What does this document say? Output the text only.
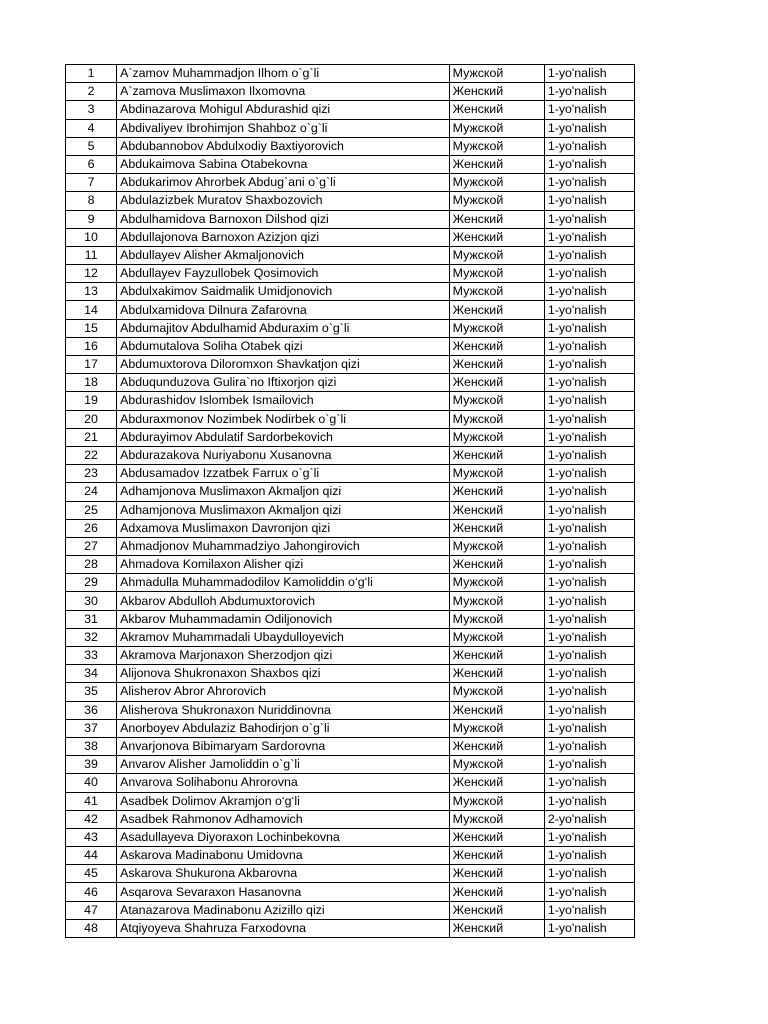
1	A`zamov Muhammadjon Ilhom o`g`li	Мужской	1-yo'nalish
2	A`zamova Muslimaxon Ilxomovna	Женский	1-yo'nalish
3	Abdinazarova Mohigul Abdurashid qizi	Женский	1-yo'nalish
4	Abdivaliyev Ibrohimjon Shahboz o`g`li	Мужской	1-yo'nalish
5	Abdubannobov Abdulxodiy Baxtiyorovich	Мужской	1-yo'nalish
6	Abdukaimova Sabina Otabekovna	Женский	1-yo'nalish
7	Abdukarimov Ahrorbek Abdug`ani o`g`li	Мужской	1-yo'nalish
8	Abdulazizbek Muratov Shaxbozovich	Мужской	1-yo'nalish
9	Abdulhamidova Barnoxon Dilshod qizi	Женский	1-yo'nalish
10	Abdullajonova Barnoxon Azizjon qizi	Женский	1-yo'nalish
11	Abdullayev Alisher Akmaljonovich	Мужской	1-yo'nalish
12	Abdullayev Fayzullobek Qosimovich	Мужской	1-yo'nalish
13	Abdulxakimov Saidmalik Umidjonovich	Мужской	1-yo'nalish
14	Abdulxamidova Dilnura Zafarovna	Женский	1-yo'nalish
15	Abdumajitov Abdulhamid Abduraxim o`g`li	Мужской	1-yo'nalish
16	Abdumutalova Soliha Otabek qizi	Женский	1-yo'nalish
17	Abdumuxtorova Diloromxon Shavkatjon qizi	Женский	1-yo'nalish
18	Abduqunduzova Gulira`no Iftixorjon qizi	Женский	1-yo'nalish
19	Abdurashidov Islombek Ismailovich	Мужской	1-yo'nalish
20	Abduraxmonov Nozimbek Nodirbek o`g`li	Мужской	1-yo'nalish
21	Abdurayimov Abdulatif Sardorbekovich	Мужской	1-yo'nalish
22	Abdurazakova Nuriyabonu Xusanovna	Женский	1-yo'nalish
23	Abdusamadov Izzatbek Farrux o`g`li	Мужской	1-yo'nalish
24	Adhamjonova Muslimaxon Akmaljon qizi	Женский	1-yo'nalish
25	Adhamjonova Muslimaxon Akmaljon qizi	Женский	1-yo'nalish
26	Adxamova Muslimaxon Davronjon qizi	Женский	1-yo'nalish
27	Ahmadjonov Muhammadziyo Jahongirovich	Мужской	1-yo'nalish
28	Ahmadova Komilaxon Alisher qizi	Женский	1-yo'nalish
29	Ahmadulla Muhammadodilov Kamoliddin o‘g‘li	Мужской	1-yo'nalish
30	Akbarov Abdulloh Abdumuxtorovich	Мужской	1-yo'nalish
31	Akbarov Muhammadamin Odiljonovich	Мужской	1-yo'nalish
32	Akramov Muhammadali Ubaydulloyevich	Мужской	1-yo'nalish
33	Akramova Marjonaxon Sherzodjon qizi	Женский	1-yo'nalish
34	Alijonova Shukronaxon Shaxbos qizi	Женский	1-yo'nalish
35	Alisherov Abror Ahrorovich	Мужской	1-yo'nalish
36	Alisherova Shukronaxon Nuriddinovna	Женский	1-yo'nalish
37	Anorboyev Abdulaziz Bahodirjon o`g`li	Мужской	1-yo'nalish
38	Anvarjonova Bibimaryam Sardorovna	Женский	1-yo'nalish
39	Anvarov Alisher Jamoliddin o`g`li	Мужской	1-yo'nalish
40	Anvarova Solihabonu Ahrorovna	Женский	1-yo'nalish
41	Asadbek Dolimov Akramjon o‘g‘li	Мужской	1-yo'nalish
42	Asadbek Rahmonov Adhamovich	Мужской	2-yo'nalish
43	Asadullayeva Diyoraxon Lochinbekovna	Женский	1-yo'nalish
44	Askarova Madinabonu Umidovna	Женский	1-yo'nalish
45	Askarova Shukurona Akbarovna	Женский	1-yo'nalish
46	Asqarova Sevaraxon Hasanovna	Женский	1-yo'nalish
47	Atanazarova Madinabonu Azizillo qizi	Женский	1-yo'nalish
48	Atqiyoyeva Shahruza Farxodovna	Женский	1-yo'nalish
